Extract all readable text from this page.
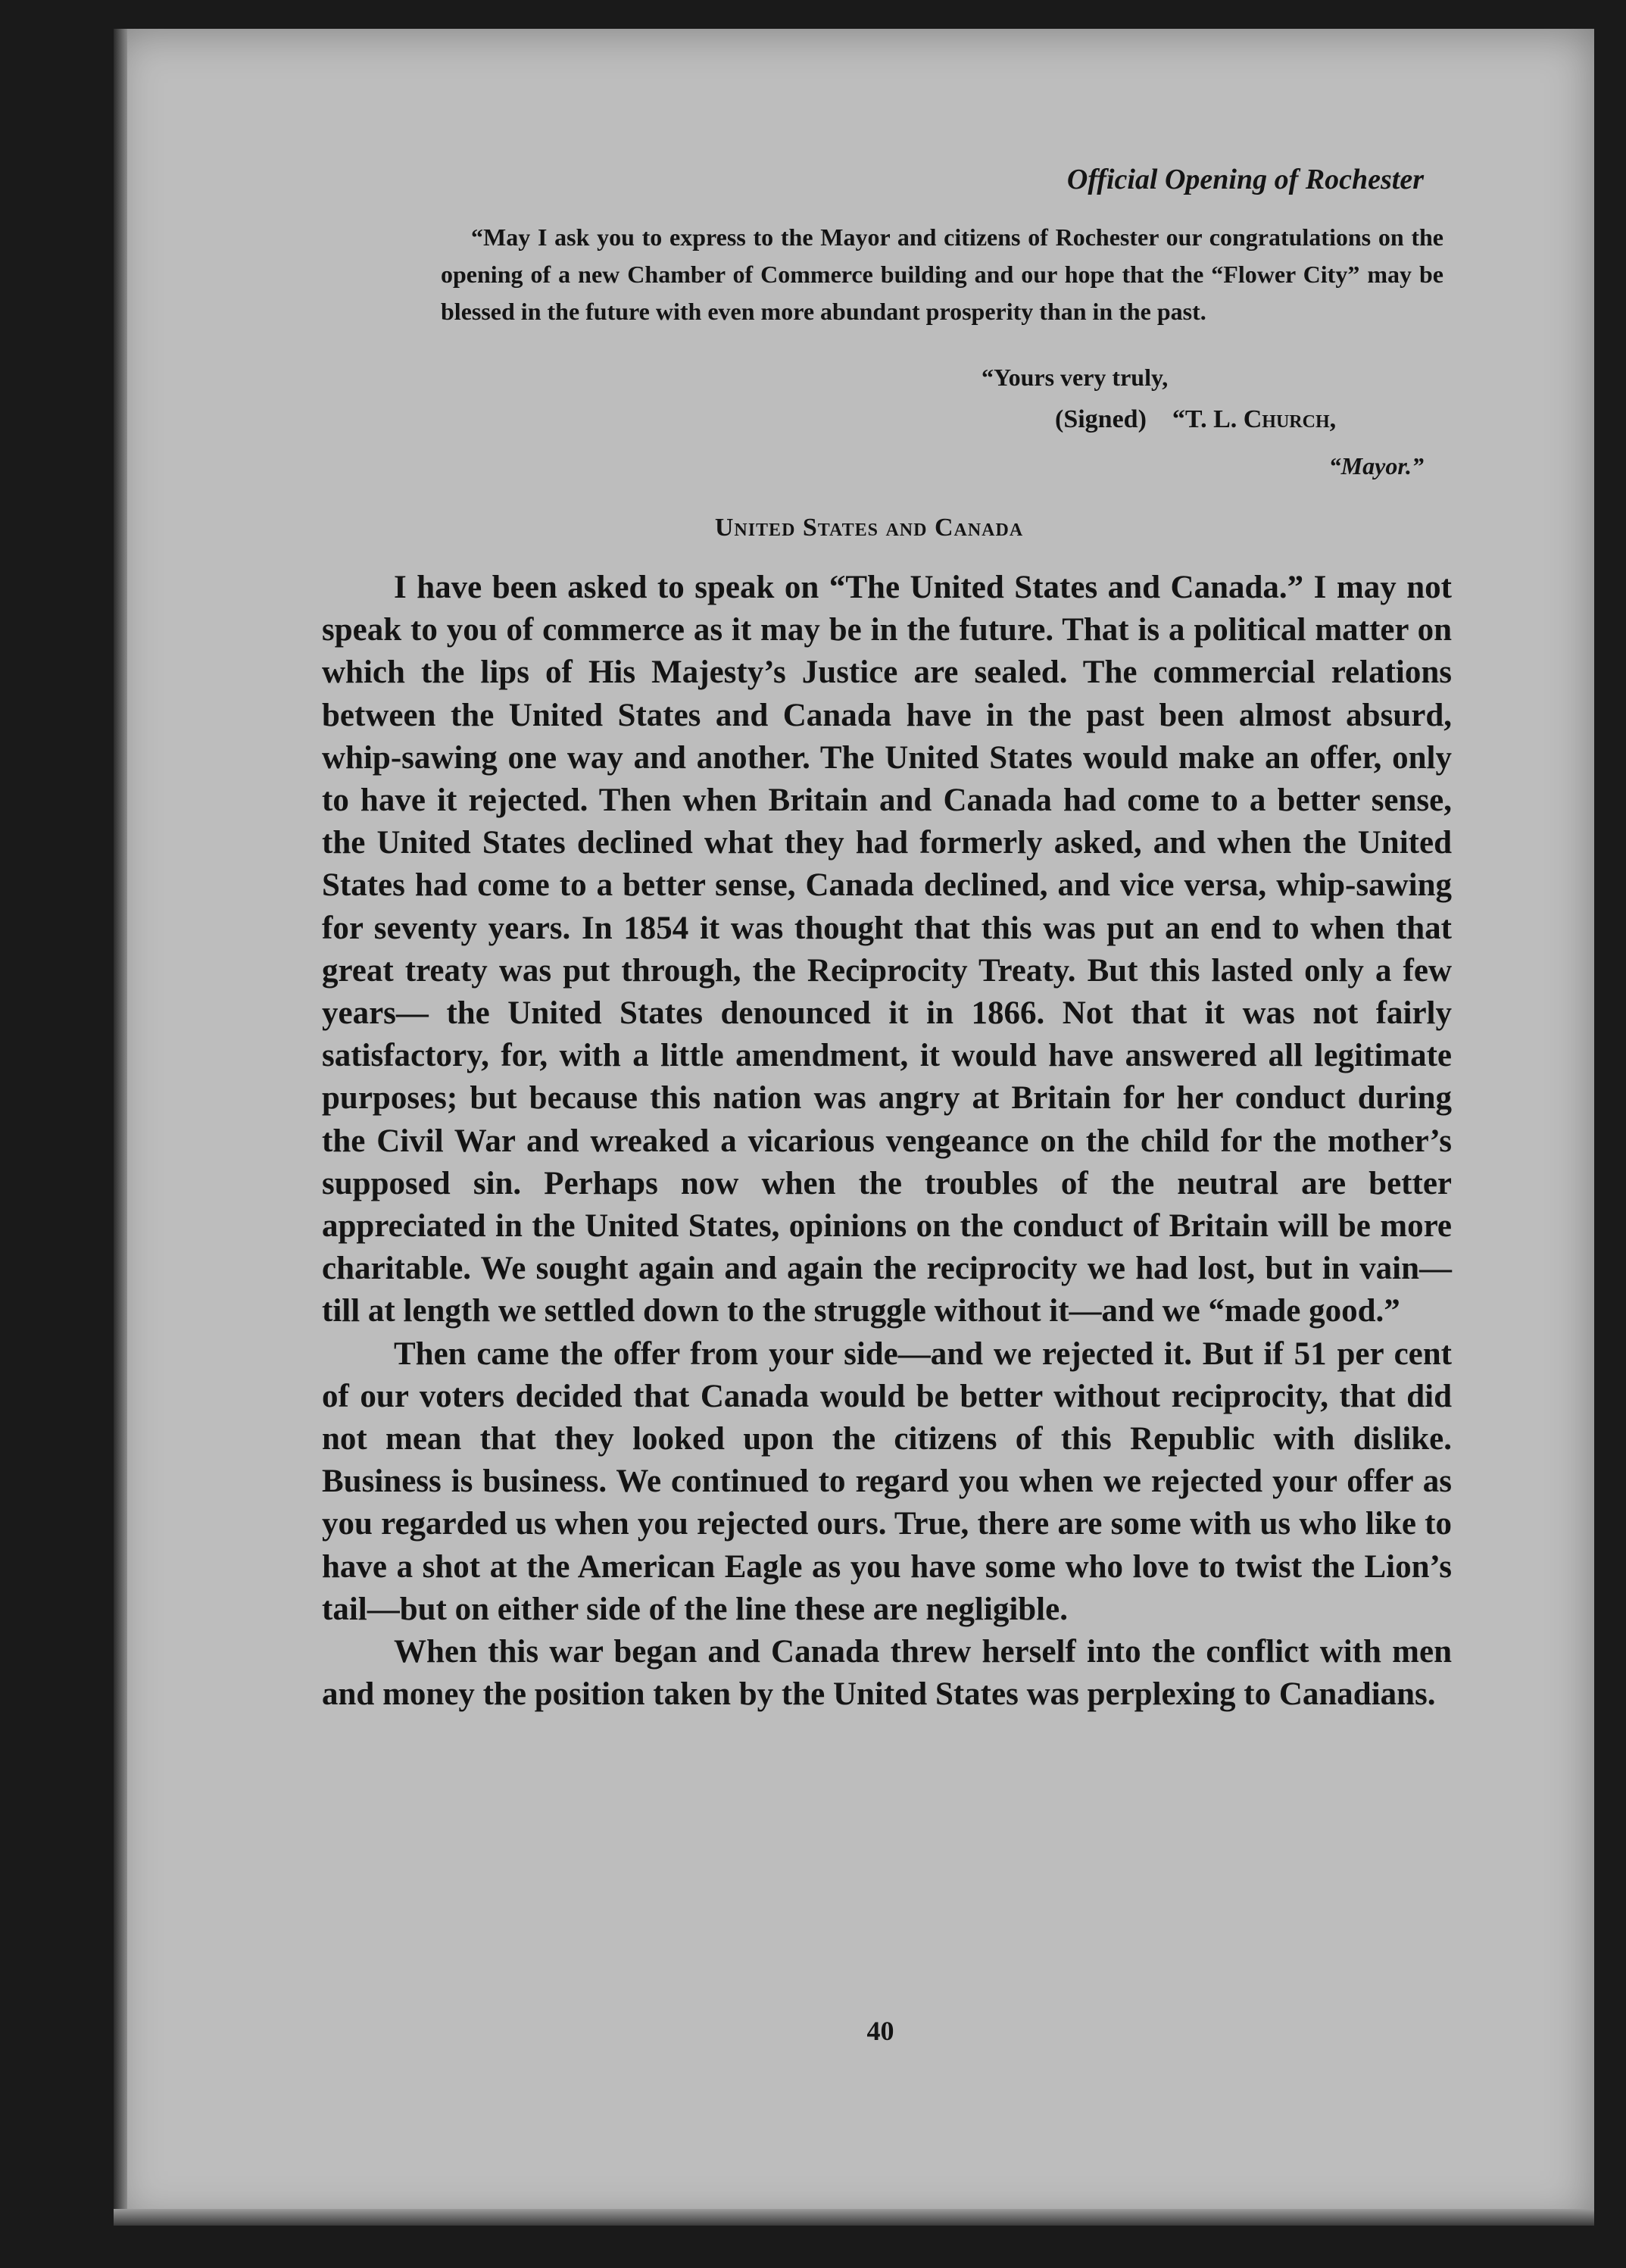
Official Opening of Rochester

“May I ask you to express to the Mayor and citizens of Rochester our congratulations on the opening of a new Chamber of Commerce building and our hope that the “Flower City” may be blessed in the future with even more abundant prosperity than in the past.

“Yours very truly,
(Signed) “T. L. Church,
“Mayor.”
United States and Canada

I have been asked to speak on “The United States and Canada.” I may not speak to you of commerce as it may be in the future. That is a political matter on which the lips of His Majesty’s Justice are sealed. The commercial relations between the United States and Canada have in the past been almost absurd, whip-sawing one way and another. The United States would make an offer, only to have it rejected. Then when Britain and Canada had come to a better sense, the United States declined what they had formerly asked, and when the United States had come to a better sense, Canada declined, and vice versa, whip-sawing for seventy years. In 1854 it was thought that this was put an end to when that great treaty was put through, the Reciprocity Treaty. But this lasted only a few years— the United States denounced it in 1866. Not that it was not fairly satisfactory, for, with a little amendment, it would have answered all legitimate purposes; but because this nation was angry at Britain for her conduct during the Civil War and wreaked a vicarious vengeance on the child for the mother’s supposed sin. Perhaps now when the troubles of the neutral are better appreciated in the United States, opinions on the conduct of Britain will be more charitable. We sought again and again the reciprocity we had lost, but in vain—till at length we settled down to the struggle without it—and we “made good.”

Then came the offer from your side—and we rejected it. But if 51 per cent of our voters decided that Canada would be better without reciprocity, that did not mean that they looked upon the citizens of this Republic with dislike. Business is business. We continued to regard you when we rejected your offer as you regarded us when you rejected ours. True, there are some with us who like to have a shot at the American Eagle as you have some who love to twist the Lion’s tail—but on either side of the line these are negligible.

When this war began and Canada threw herself into the conflict with men and money the position taken by the United States was perplexing to Canadians.

40
